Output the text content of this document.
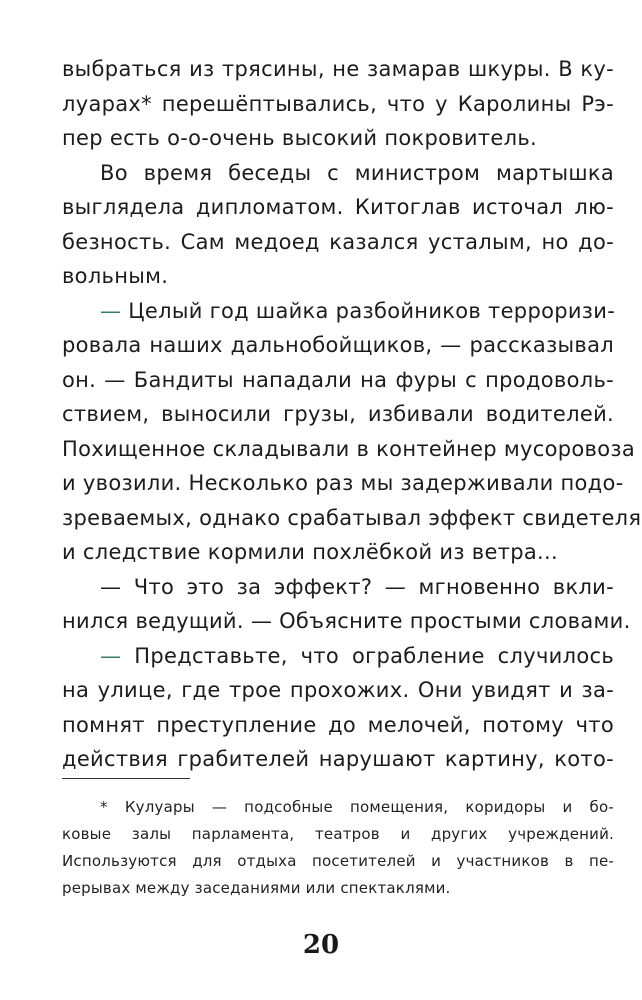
выбраться из трясины, не замарав шкуры. В ку-
луарах* перешёптывались, что у Каролины Рэ-
пер есть о-о-очень высокий покровитель.
Во время беседы с министром мартышка
выглядела дипломатом. Китоглав источал лю-
безность. Сам медоед казался усталым, но до-
вольным.
— Целый год шайка разбойников терроризи-
ровала наших дальнобойщиков, — рассказывал
он. — Бандиты нападали на фуры с продоволь-
ствием, выносили грузы, избивали водителей.
Похищенное складывали в контейнер мусоровоза
и увозили. Несколько раз мы задерживали подо-
зреваемых, однако срабатывал эффект свидетеля
и следствие кормили похлёбкой из ветра...
— Что это за эффект? — мгновенно вкли-
нился ведущий. — Объясните простыми словами.
— Представьте, что ограбление случилось
на улице, где трое прохожих. Они увидят и за-
помнят преступление до мелочей, потому что
действия грабителей нарушают картину, кото-
* Кулуары — подсобные помещения, коридоры и бо-
ковые залы парламента, театров и других учреждений.
Используются для отдыха посетителей и участников в пе-
рерывах между заседаниями или спектаклями.
20
